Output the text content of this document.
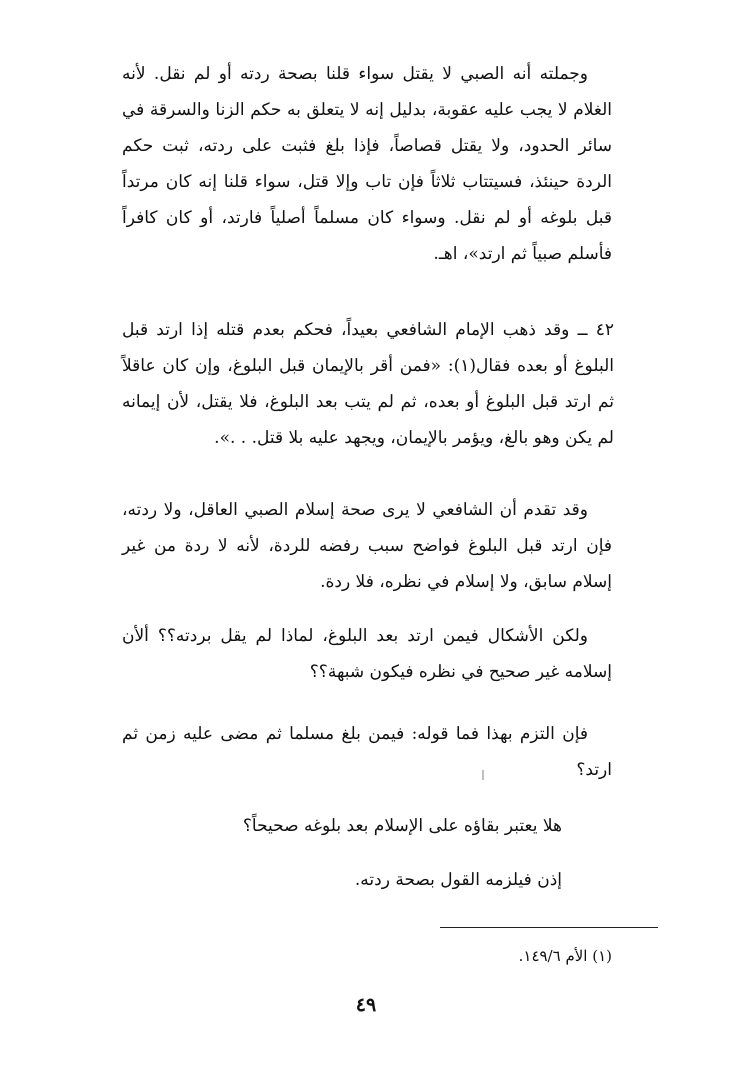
وجملته أنه الصبي لا يقتل سواء قلنا بصحة ردته أو لم نقل. لأنه الغلام لا يجب عليه عقوبة، بدليل إنه لا يتعلق به حكم الزنا والسرقة في سائر الحدود، ولا يقتل قصاصاً، فإذا بلغ فثبت على ردته، ثبت حكم الردة حينئذ، فسيتتاب ثلاثاً فإن تاب وإلا قتل، سواء قلنا إنه كان مرتداً قبل بلوغه أو لم نقل. وسواء كان مسلماً أصلياً فارتد، أو كان كافراً فأسلم صبياً ثم ارتد»، اهـ.

٤٢ ــ وقد ذهب الإمام الشافعي بعيداً، فحكم بعدم قتله إذا ارتد قبل البلوغ أو بعده فقال(١): «فمن أقر بالإيمان قبل البلوغ، وإن كان عاقلاً ثم ارتد قبل البلوغ أو بعده، ثم لم يتب بعد البلوغ، فلا يقتل، لأن إيمانه لم يكن وهو بالغ، ويؤمر بالإيمان، ويجهد عليه بلا قتل. . .».

وقد تقدم أن الشافعي لا يرى صحة إسلام الصبي العاقل، ولا ردته، فإن ارتد قبل البلوغ فواضح سبب رفضه للردة، لأنه لا ردة من غير إسلام سابق، ولا إسلام في نظره، فلا ردة.

ولكن الأشكال فيمن ارتد بعد البلوغ، لماذا لم يقل بردته؟؟ ألأن إسلامه غير صحيح في نظره فيكون شبهة؟؟

فإن التزم بهذا فما قوله: فيمن بلغ مسلما ثم مضى عليه زمن ثم ارتد؟

هلا يعتبر بقاؤه على الإسلام بعد بلوغه صحيحاً؟

إذن فيلزمه القول بصحة ردته.

(١) الأم ١٤٩/٦.

٤٩
